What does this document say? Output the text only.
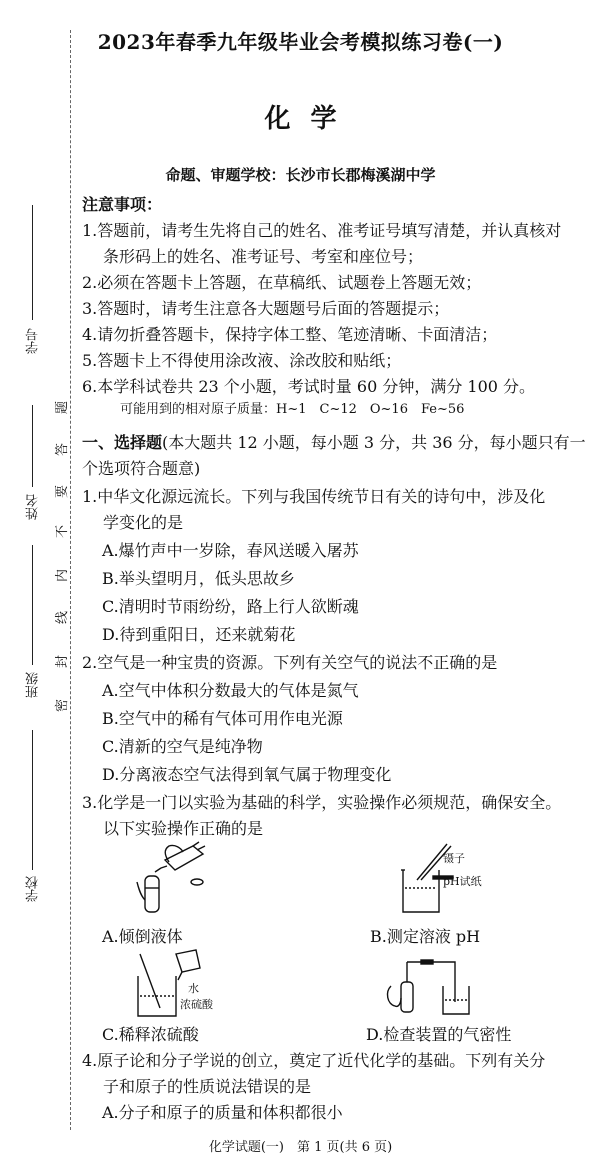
学号
姓名
班级
学校
密
封
线
内
不
要
答
题
2023年春季九年级毕业会考模拟练习卷(一)
化学
命题、审题学校：长沙市长郡梅溪湖中学
注意事项：
1.答题前，请考生先将自己的姓名、准考证号填写清楚，并认真核对
条形码上的姓名、准考证号、考室和座位号；
2.必须在答题卡上答题，在草稿纸、试题卷上答题无效；
3.答题时，请考生注意各大题题号后面的答题提示；
4.请勿折叠答题卡，保持字体工整、笔迹清晰、卡面清洁；
5.答题卡上不得使用涂改液、涂改胶和贴纸；
6.本学科试卷共 23 个小题，考试时量 60 分钟，满分 100 分。
可能用到的相对原子质量：H~1　C~12　O~16　Fe~56
一、选择题(本大题共 12 小题，每小题 3 分，共 36 分，每小题只有一
个选项符合题意)
1.中华文化源远流长。下列与我国传统节日有关的诗句中，涉及化
学变化的是
A.爆竹声中一岁除，春风送暖入屠苏
B.举头望明月，低头思故乡
C.清明时节雨纷纷，路上行人欲断魂
D.待到重阳日，还来就菊花
2.空气是一种宝贵的资源。下列有关空气的说法不正确的是
A.空气中体积分数最大的气体是氮气
B.空气中的稀有气体可用作电光源
C.清新的空气是纯净物
D.分离液态空气法得到氧气属于物理变化
3.化学是一门以实验为基础的科学，实验操作必须规范，确保安全。
以下实验操作正确的是
A.倾倒液体
镊子
pH试纸
B.测定溶液 pH
水
浓硫酸
C.稀释浓硫酸	D.检查装置的气密性
4.原子论和分子学说的创立，奠定了近代化学的基础。下列有关分
子和原子的性质说法错误的是
A.分子和原子的质量和体积都很小
化学试题(一)　第 1 页(共 6 页)
